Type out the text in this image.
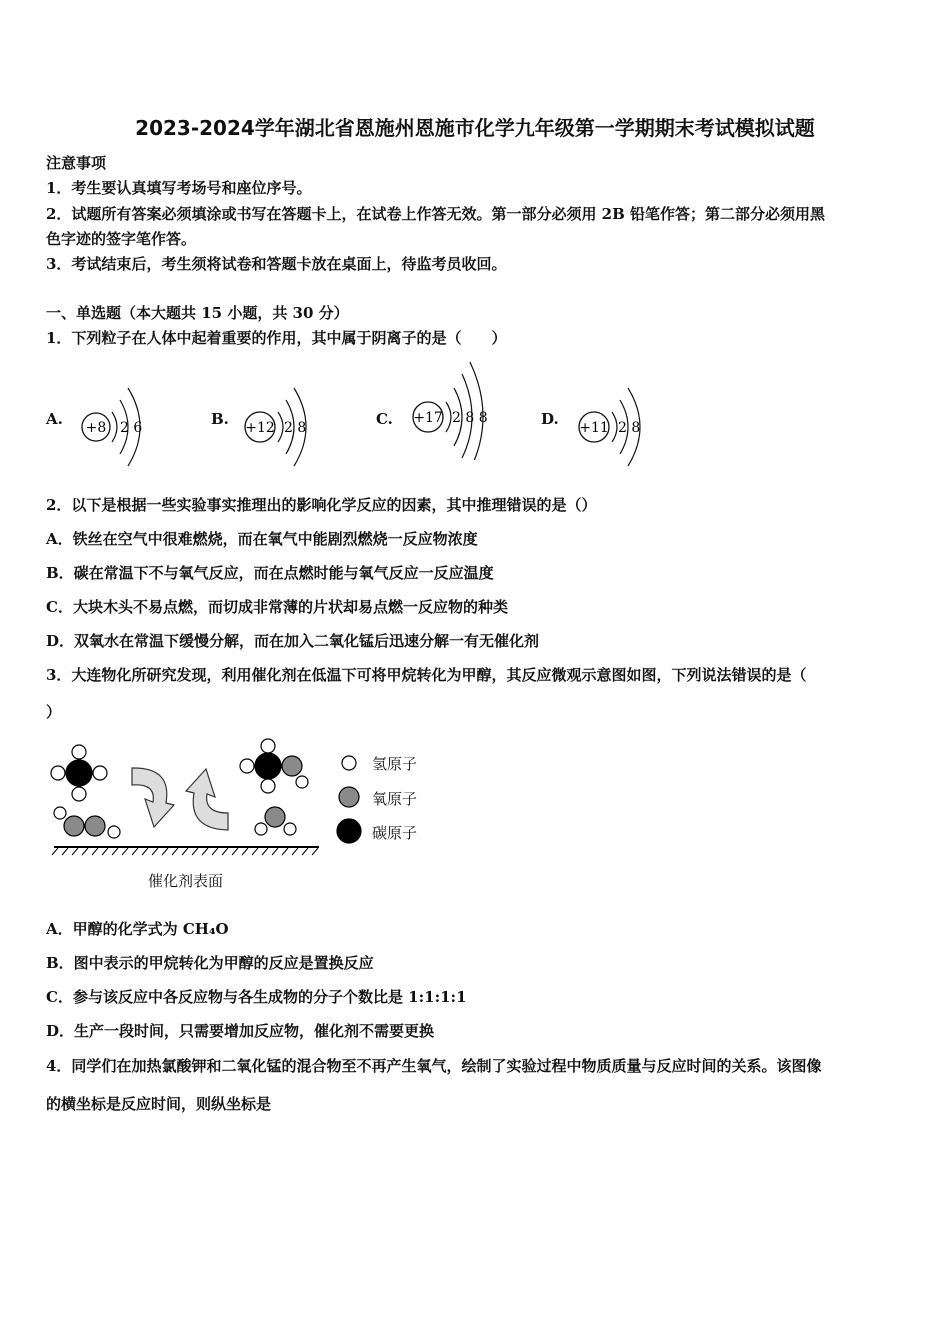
2023-2024学年湖北省恩施州恩施市化学九年级第一学期期末考试模拟试题
注意事项
1．考生要认真填写考场号和座位序号。
2．试题所有答案必须填涂或书写在答题卡上，在试卷上作答无效。第一部分必须用 2B 铅笔作答；第二部分必须用黑
色字迹的签字笔作答。
3．考试结束后，考生须将试卷和答题卡放在桌面上，待监考员收回。
一、单选题（本大题共 15 小题，共 30 分）
1．下列粒子在人体中起着重要的作用，其中属于阴离子的是（　　）
A. +8 2 6	B. +12 2 8	C. +17 2 8 8	D. +11 2 8
2．以下是根据一些实验事实推理出的影响化学反应的因素，其中推理错误的是（）
A．铁丝在空气中很难燃烧，而在氧气中能剧烈燃烧一反应物浓度
B．碳在常温下不与氧气反应，而在点燃时能与氧气反应一反应温度
C．大块木头不易点燃，而切成非常薄的片状却易点燃一反应物的种类
D．双氧水在常温下缓慢分解，而在加入二氧化锰后迅速分解一有无催化剂
3．大连物化所研究发现，利用催化剂在低温下可将甲烷转化为甲醇，其反应微观示意图如图，下列说法错误的是（
）
氢原子
氧原子
碳原子
催化剂表面
A．甲醇的化学式为 CH₄O
B．图中表示的甲烷转化为甲醇的反应是置换反应
C．参与该反应中各反应物与各生成物的分子个数比是 1:1:1:1
D．生产一段时间，只需要增加反应物，催化剂不需要更换
4．同学们在加热氯酸钾和二氧化锰的混合物至不再产生氧气，绘制了实验过程中物质质量与反应时间的关系。该图像
的横坐标是反应时间，则纵坐标是
